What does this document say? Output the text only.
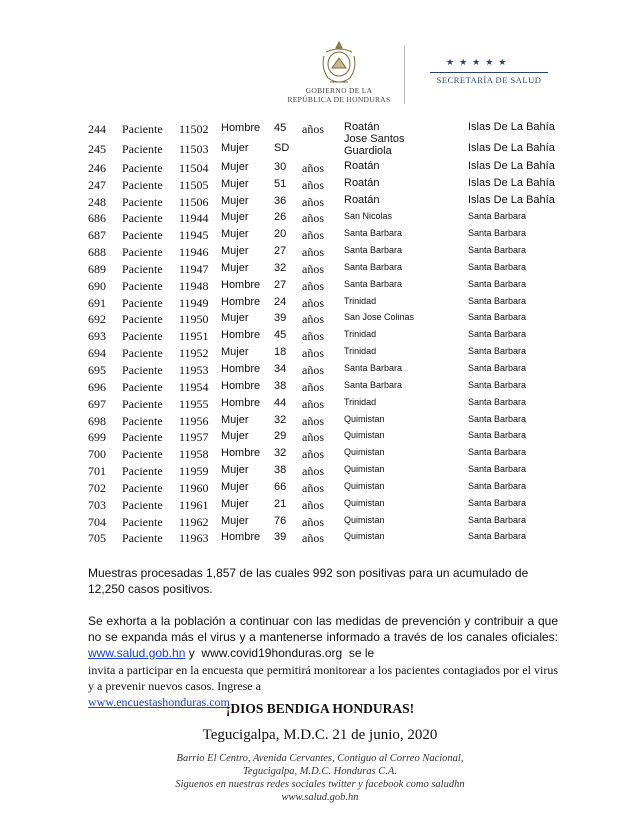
GOBIERNO DE LA
REPÚBLICA DE HONDURAS
★★★★★
SECRETARÍA DE SALUD
244 Paciente 11502 Hombre 45 años Roatán	Islas De La Bahía
245 Paciente 11503 Mujer SD
Jose Santos Guardiola	Islas De La Bahía
246 Paciente 11504 Mujer 30 años Roatán	Islas De La Bahía
247 Paciente 11505 Mujer 51 años Roatán	Islas De La Bahía
248 Paciente 11506 Mujer 36 años Roatán	Islas De La Bahía
686 Paciente 11944 Mujer 26 años San Nicolas	Santa Barbara
687 Paciente 11945 Mujer 20 años Santa Barbara	Santa Barbara
688 Paciente 11946 Mujer 27 años Santa Barbara	Santa Barbara
689 Paciente 11947 Mujer 32 años Santa Barbara	Santa Barbara
690 Paciente 11948 Hombre 27 años Santa Barbara	Santa Barbara
691 Paciente 11949 Hombre 24 años Trinidad	Santa Barbara
692 Paciente 11950 Mujer 39 años San Jose Colinas	Santa Barbara
693 Paciente 11951 Hombre 45 años Trinidad	Santa Barbara
694 Paciente 11952 Mujer 18 años Trinidad	Santa Barbara
695 Paciente 11953 Hombre 34 años Santa Barbara	Santa Barbara
696 Paciente 11954 Hombre 38 años Santa Barbara	Santa Barbara
697 Paciente 11955 Hombre 44 años Trinidad	Santa Barbara
698 Paciente 11956 Mujer 32 años Quimistan	Santa Barbara
699 Paciente 11957 Mujer 29 años Quimistan	Santa Barbara
700 Paciente 11958 Hombre 32 años Quimistan	Santa Barbara
701 Paciente 11959 Mujer 38 años Quimistan	Santa Barbara
702 Paciente 11960 Mujer 66 años Quimistan	Santa Barbara
703 Paciente 11961 Mujer 21 años Quimistan	Santa Barbara
704 Paciente 11962 Mujer 76 años Quimistan	Santa Barbara
705 Paciente 11963 Hombre 39 años Quimistan	Santa Barbara
Muestras procesadas 1,857 de las cuales 992 son positivas para un acumulado de 12,250 casos positivos.
Se exhorta a la población a continuar con las medidas de prevención y contribuir a que no se expanda más el virus y a mantenerse informado a través de los canales oficiales: www.salud.gob.hn y www.covid19honduras.org se le
invita a participar en la encuesta que permitirá monitorear a los pacientes contagiados por el virus y a prevenir nuevos casos. Ingrese a
www.encuestashonduras.com
¡DIOS BENDIGA HONDURAS!
Tegucigalpa, M.D.C. 21 de junio, 2020
Barrio El Centro, Avenida Cervantes, Contiguo al Correo Nacional,
Tegucigalpa, M.D.C. Honduras C.A.
Siguenos en nuestras redes sociales twitter y facebook como saludhn
www.salud.gob.hn
